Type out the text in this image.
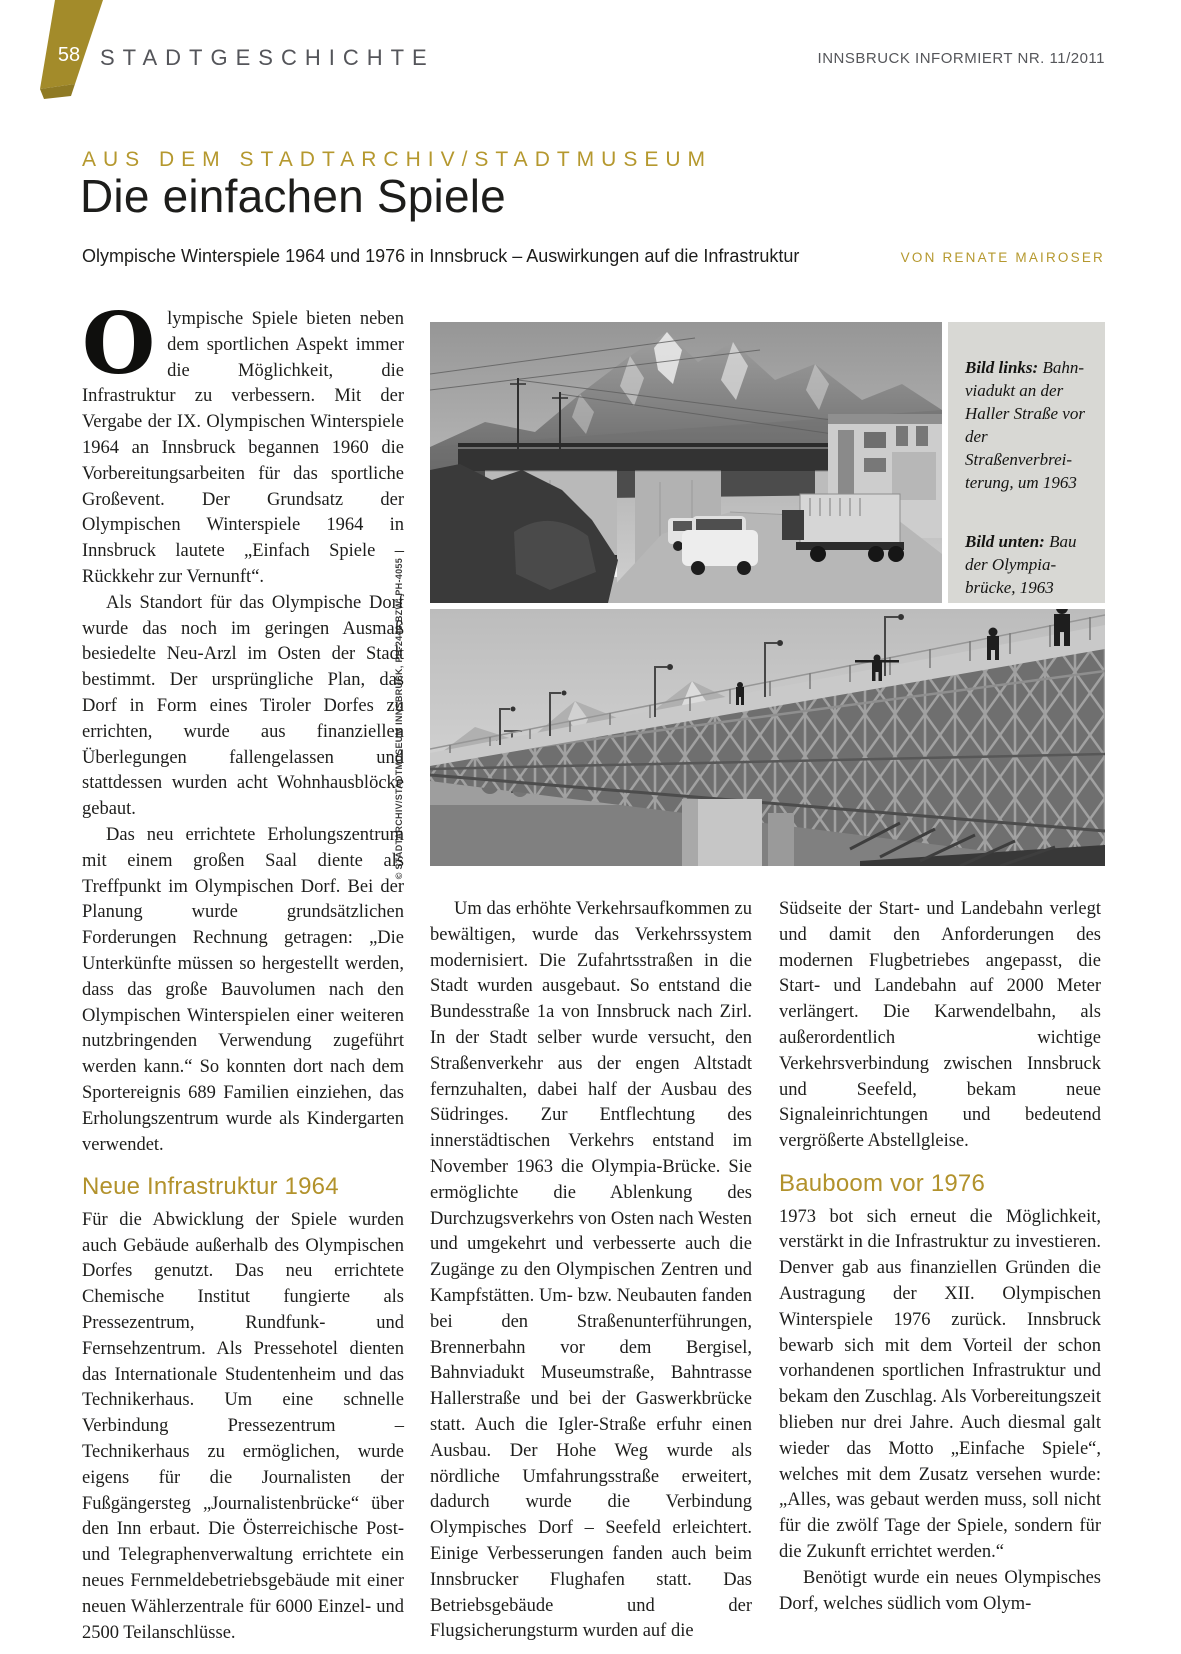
58 STADTGESCHICHTE	INNSBRUCK INFORMIERT NR. 11/2011
AUS DEM STADTARCHIV/STADTMUSEUM
Die einfachen Spiele
Olympische Winterspiele 1964 und 1976 in Innsbruck – Auswirkungen auf die Infrastruktur	VON RENATE MAIROSER

Bild links: Bahnviadukt an der Haller Straße vor der Straßenverbreiterung, um 1963

Bild unten: Bau der Olympiabrücke, 1963

© STADTARCHIV/STADTMUSEUM INNSBRUCK, PH-2440 BZW. PH-4055

Olympische Spiele bieten neben dem sportlichen Aspekt immer die Möglichkeit, die Infrastruktur zu verbessern. Mit der Vergabe der IX. Olympischen Winterspiele 1964 an Innsbruck begannen 1960 die Vorbereitungsarbeiten für das sportliche Großevent. Der Grundsatz der Olympischen Winterspiele 1964 in Innsbruck lautete „Einfach Spiele – Rückkehr zur Vernunft“.

Als Standort für das Olympische Dorf wurde das noch im geringen Ausmaß besiedelte Neu-Arzl im Osten der Stadt bestimmt. Der ursprüngliche Plan, das Dorf in Form eines Tiroler Dorfes zu errichten, wurde aus finanziellen Überlegungen fallengelassen und stattdessen wurden acht Wohnhausblöcke gebaut.

Das neu errichtete Erholungszentrum mit einem großen Saal diente als Treffpunkt im Olympischen Dorf. Bei der Planung wurde grundsätzlichen Forderungen Rechnung getragen: „Die Unterkünfte müssen so hergestellt werden, dass das große Bauvolumen nach den Olympischen Winterspielen einer weiteren nutzbringenden Verwendung zugeführt werden kann.“ So konnten dort nach dem Sportereignis 689 Familien einziehen, das Erholungszentrum wurde als Kindergarten verwendet.

Neue Infrastruktur 1964

Für die Abwicklung der Spiele wurden auch Gebäude außerhalb des Olympischen Dorfes genutzt. Das neu errichtete Chemische Institut fungierte als Pressezentrum, Rundfunk- und Fernsehzentrum. Als Pressehotel dienten das Internationale Studentenheim und das Technikerhaus. Um eine schnelle Verbindung Pressezentrum – Technikerhaus zu ermöglichen, wurde eigens für die Journalisten der Fußgängersteg „Journalistenbrücke“ über den Inn erbaut. Die Österreichische Post- und Telegraphenverwaltung errichtete ein neues Fernmeldebetriebsgebäude mit einer neuen Wählerzentrale für 6000 Einzel- und 2500 Teilanschlüsse.

Um das erhöhte Verkehrsaufkommen zu bewältigen, wurde das Verkehrssystem modernisiert. Die Zufahrtsstraßen in die Stadt wurden ausgebaut. So entstand die Bundesstraße 1a von Innsbruck nach Zirl. In der Stadt selber wurde versucht, den Straßenverkehr aus der engen Altstadt fernzuhalten, dabei half der Ausbau des Südringes. Zur Entflechtung des innerstädtischen Verkehrs entstand im November 1963 die Olympia-Brücke. Sie ermöglichte die Ablenkung des Durchzugsverkehrs von Osten nach Westen und umgekehrt und verbesserte auch die Zugänge zu den Olympischen Zentren und Kampfstätten. Um- bzw. Neubauten fanden bei den Straßenunterführungen, Brennerbahn vor dem Bergisel, Bahnviadukt Museumstraße, Bahntrasse Hallerstraße und bei der Gaswerkbrücke statt. Auch die Igler-Straße erfuhr einen Ausbau. Der Hohe Weg wurde als nördliche Umfahrungsstraße erweitert, dadurch wurde die Verbindung Olympisches Dorf – Seefeld erleichtert. Einige Verbesserungen fanden auch beim Innsbrucker Flughafen statt. Das Betriebsgebäude und der Flugsicherungsturm wurden auf die

Südseite der Start- und Landebahn verlegt und damit den Anforderungen des modernen Flugbetriebes angepasst, die Start- und Landebahn auf 2000 Meter verlängert. Die Karwendelbahn, als außerordentlich wichtige Verkehrsverbindung zwischen Innsbruck und Seefeld, bekam neue Signaleinrichtungen und bedeutend vergrößerte Abstellgleise.

Bauboom vor 1976

1973 bot sich erneut die Möglichkeit, verstärkt in die Infrastruktur zu investieren. Denver gab aus finanziellen Gründen die Austragung der XII. Olympischen Winterspiele 1976 zurück. Innsbruck bewarb sich mit dem Vorteil der schon vorhandenen sportlichen Infrastruktur und bekam den Zuschlag. Als Vorbereitungszeit blieben nur drei Jahre. Auch diesmal galt wieder das Motto „Einfache Spiele“, welches mit dem Zusatz versehen wurde: „Alles, was gebaut werden muss, soll nicht für die zwölf Tage der Spiele, sondern für die Zukunft errichtet werden.“

Benötigt wurde ein neues Olympisches Dorf, welches südlich vom Olym-
